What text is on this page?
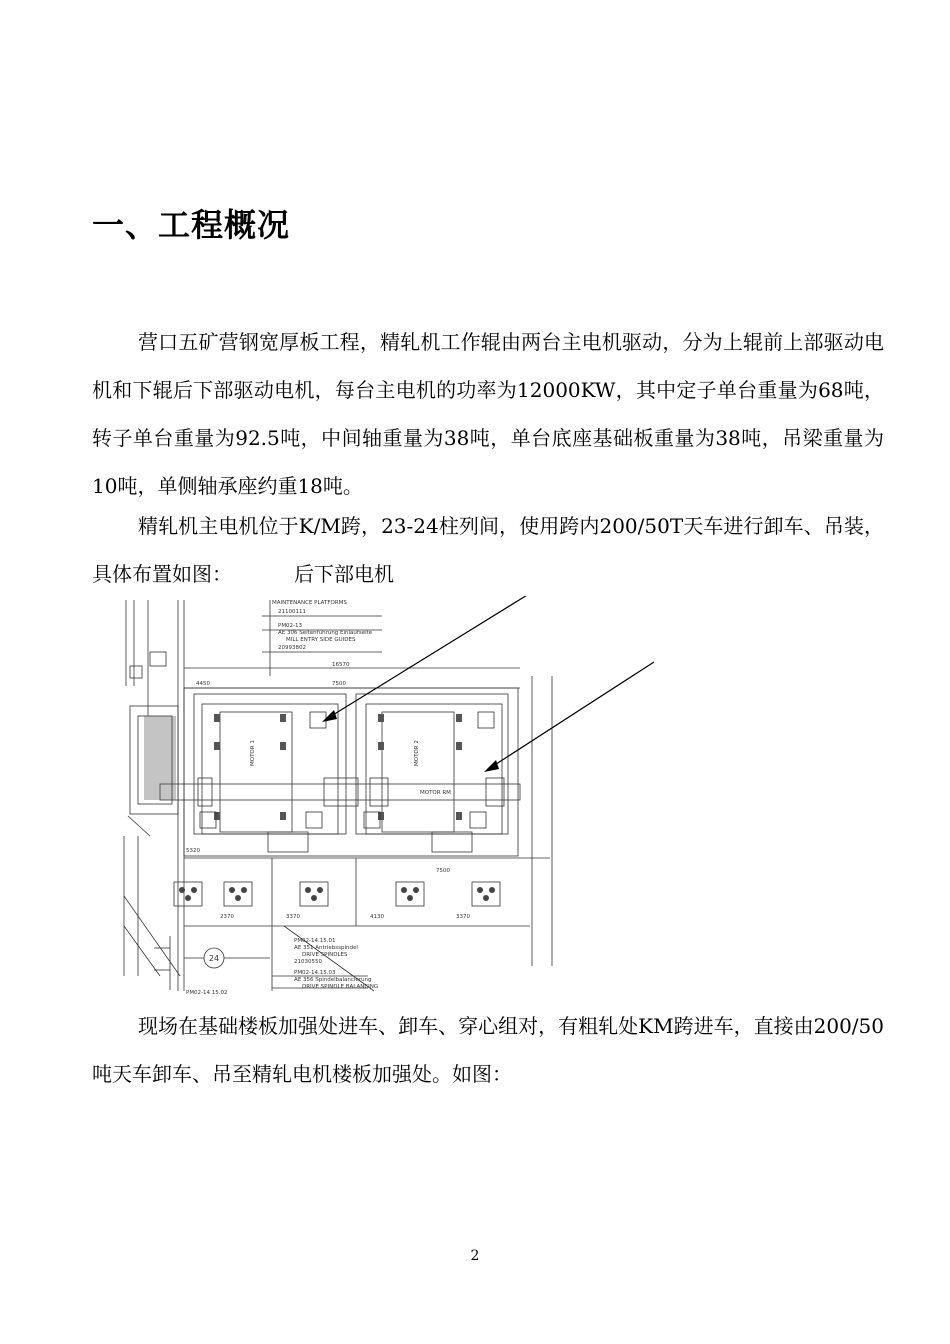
一、工程概况

营口五矿营钢宽厚板工程，精轧机工作辊由两台主电机驱动，分为上辊前上部驱动电机和下辊后下部驱动电机，每台主电机的功率为12000KW，其中定子单台重量为68吨，转子单台重量为92.5吨，中间轴重量为38吨，单台底座基础板重量为38吨，吊梁重量为10吨，单侧轴承座约重18吨。

精轧机主电机位于K/M跨，23-24柱列间，使用跨内200/50T天车进行卸车、吊装，具体布置如图：	后下部电机

MAINTENANCE PLATFORMS
21100111
PM02-13
AE 306 Seitenführung Einlaufseite
MILL ENTRY SIDE GUIDES
20993802
16570
4450	7500
MOTOR 1	MOTOR 2
MOTOR RM
5320
7500
2370	3370	4130	3370
PM02-14.15.01
AE 351 Antriebsspindel
DRIVE SPINDLES
21030550
PM02-14.15.03
AE 356 Spindelbalancierung
DRIVE SPINDLE BALANCING
PM02-14.15.02
24

现场在基础楼板加强处进车、卸车、穿心组对，有粗轧处KM跨进车，直接由200/50吨天车卸车、吊至精轧电机楼板加强处。如图：

2
